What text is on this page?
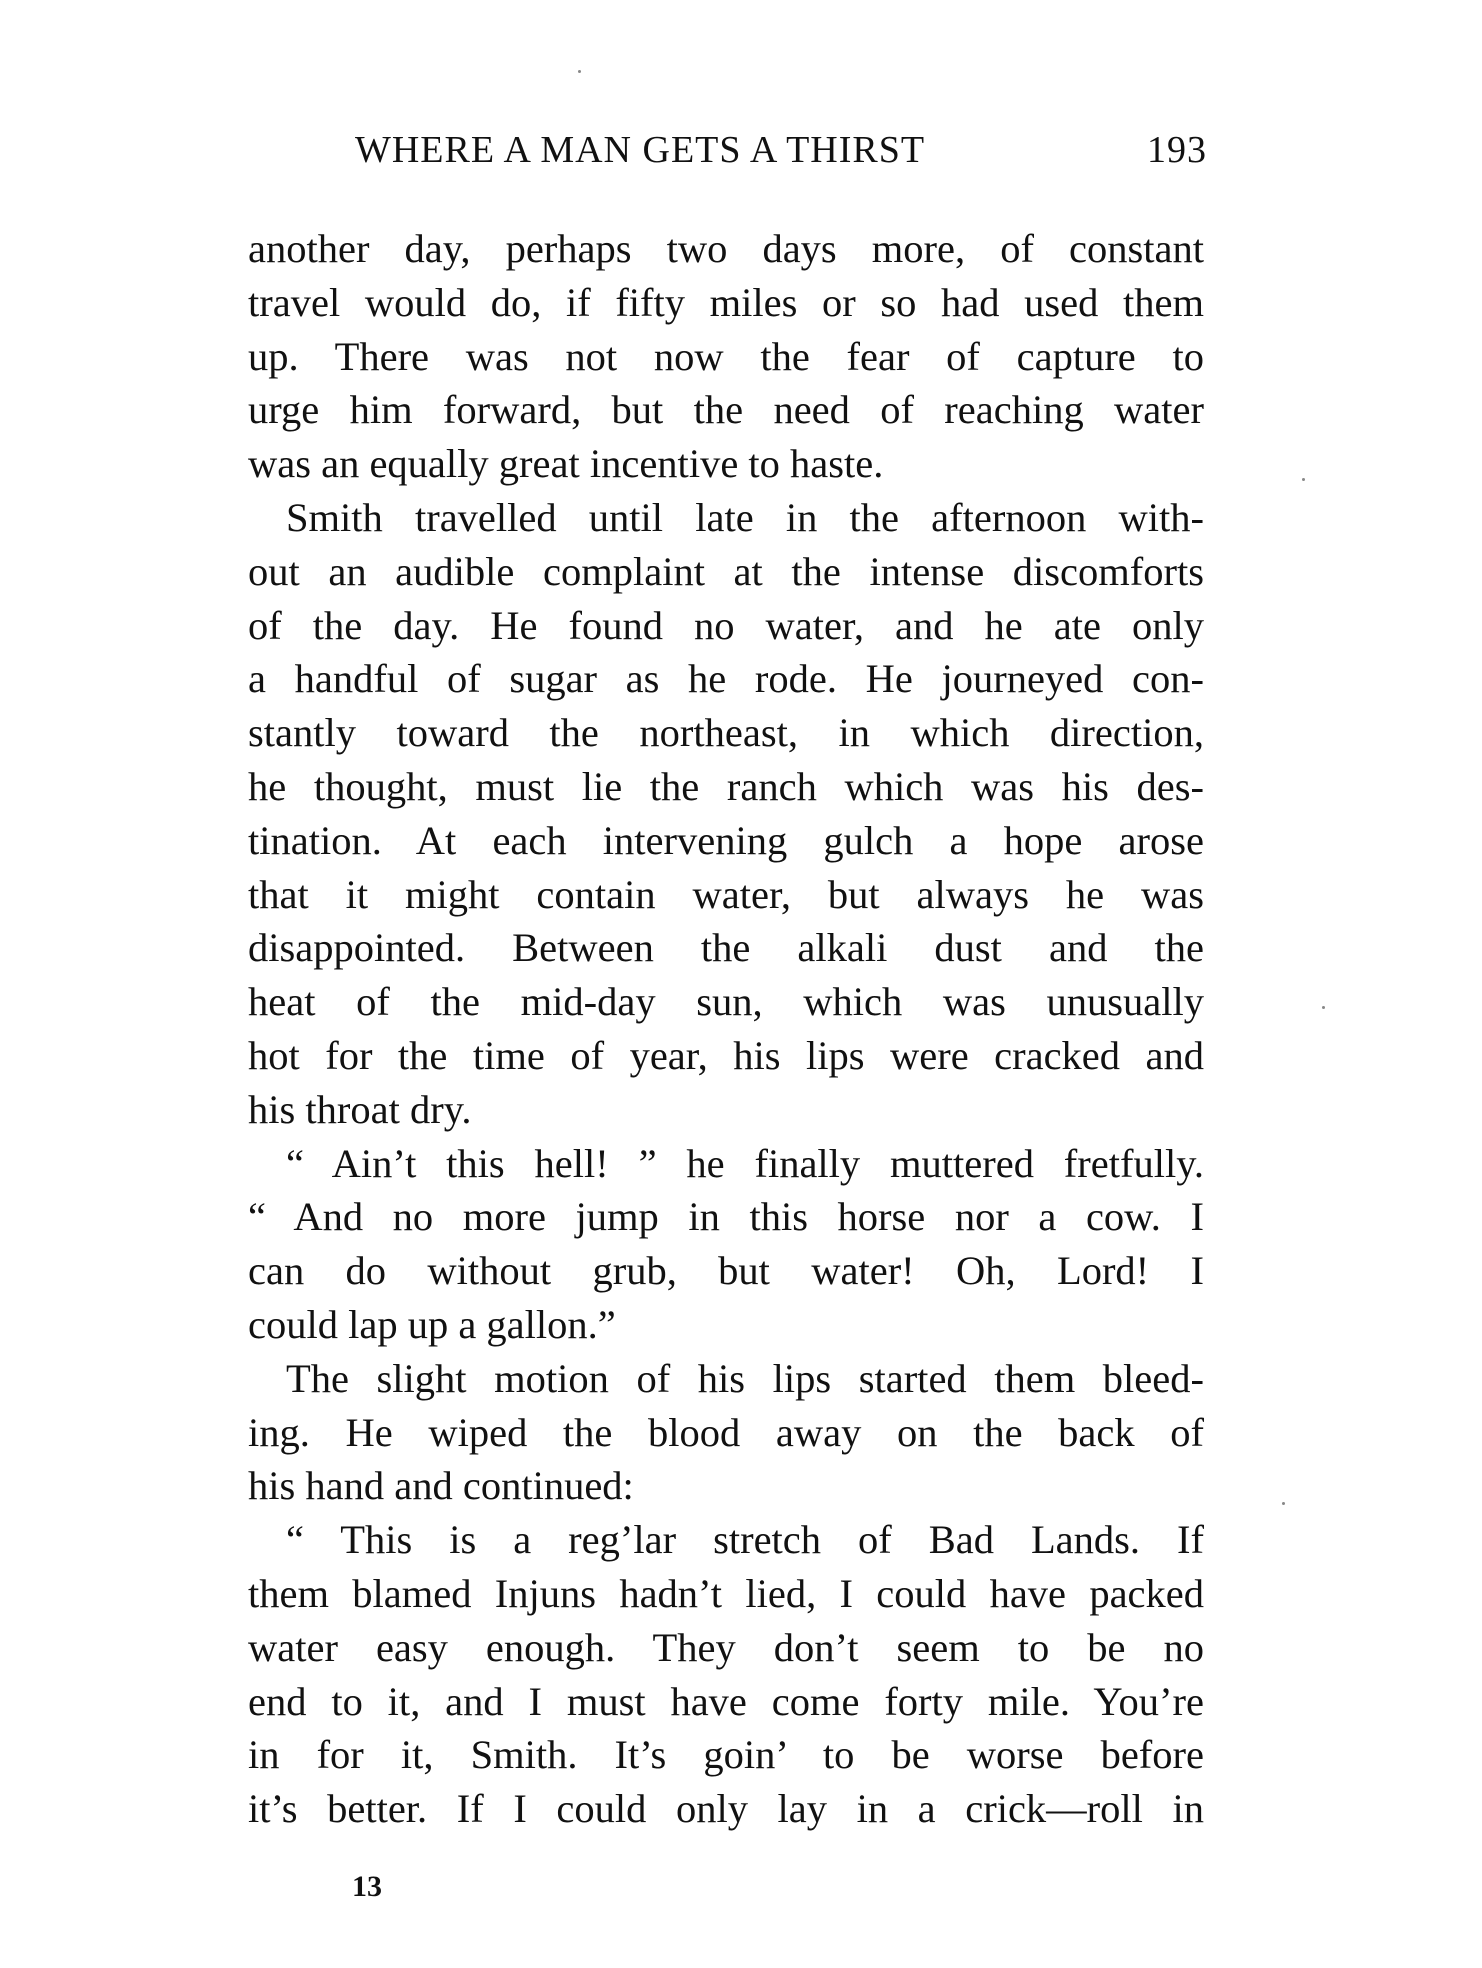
WHERE A MAN GETS A THIRST	193
another day, perhaps two days more, of constant
travel would do, if fifty miles or so had used them
up. There was not now the fear of capture to
urge him forward, but the need of reaching water
was an equally great incentive to haste.
Smith travelled until late in the afternoon with-
out an audible complaint at the intense discomforts
of the day. He found no water, and he ate only
a handful of sugar as he rode. He journeyed con-
stantly toward the northeast, in which direction,
he thought, must lie the ranch which was his des-
tination. At each intervening gulch a hope arose
that it might contain water, but always he was
disappointed. Between the alkali dust and the
heat of the mid-day sun, which was unusually
hot for the time of year, his lips were cracked and
his throat dry.
“ Ain’t this hell! ” he finally muttered fretfully.
“ And no more jump in this horse nor a cow. I
can do without grub, but water! Oh, Lord! I
could lap up a gallon.”
The slight motion of his lips started them bleed-
ing. He wiped the blood away on the back of
his hand and continued:
“ This is a reg’lar stretch of Bad Lands. If
them blamed Injuns hadn’t lied, I could have packed
water easy enough. They don’t seem to be no
end to it, and I must have come forty mile. You’re
in for it, Smith. It’s goin’ to be worse before
it’s better. If I could only lay in a crick—roll in
13
